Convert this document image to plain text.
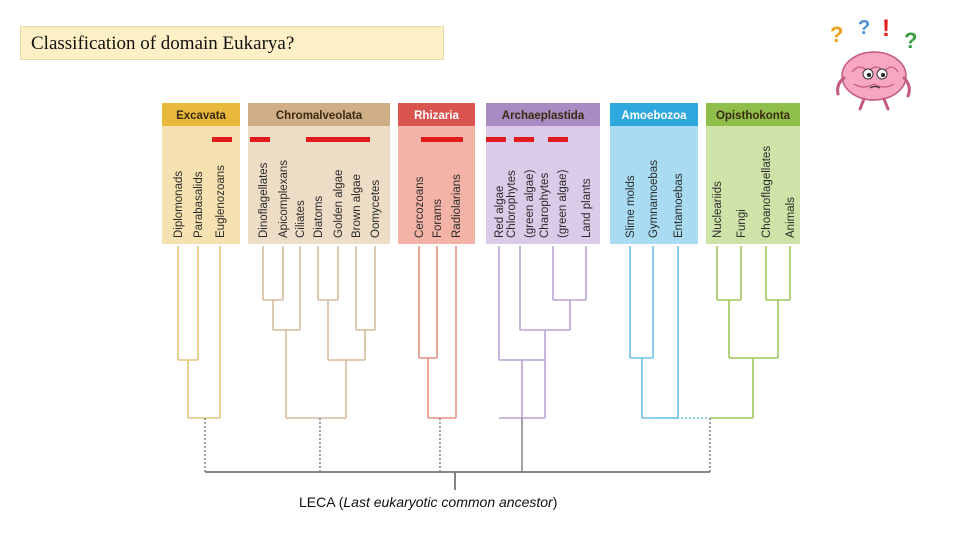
Classification of domain Eukarya?
Excavata
Diplomonads Parabasalids Euglenozoans
Chromalveolata
Dinoflagellates Apicomplexans Ciliates Diatoms Golden algae Brown algae Oomycetes
Rhizaria
Cercozoans Forams Radiolarians
Archaeplastida
Red algae Chlorophytes (green algae) Charophytes (green algae) Land plants
Amoebozoa
Slime molds Gymnamoebas Entamoebas
Opisthokonta
Nucleariids Fungi Choanoflagellates Animals
LECA (Last eukaryotic common ancestor)
? ? ! ?
